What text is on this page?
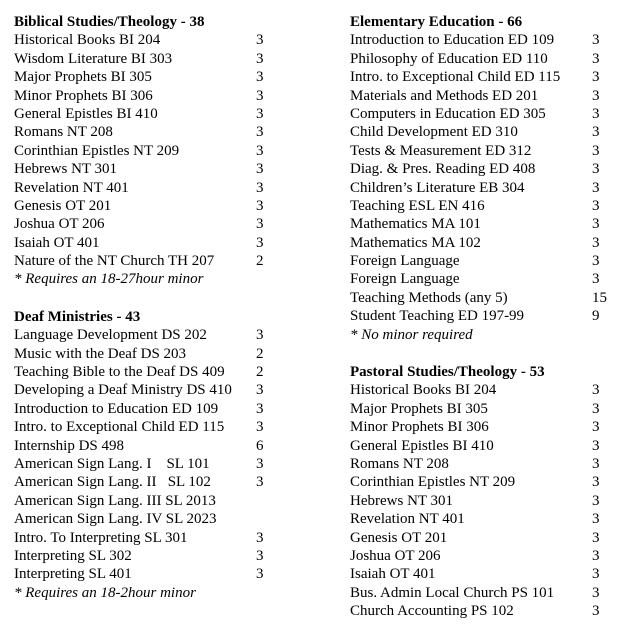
Biblical Studies/Theology - 38
Historical Books BI 204	3
Wisdom Literature BI 303	3
Major Prophets BI 305	3
Minor Prophets BI 306	3
General Epistles BI 410	3
Romans NT 208	3
Corinthian Epistles NT 209	3
Hebrews NT 301	3
Revelation NT 401	3
Genesis OT 201	3
Joshua OT 206	3
Isaiah OT 401	3
Nature of the NT Church TH 207	2
* Requires an 18-27hour minor
Deaf Ministries - 43
Language Development DS 202	3
Music with the Deaf DS 203	2
Teaching Bible to the Deaf DS 409 2
Developing a Deaf Ministry DS 410 3
Introduction to Education ED 109	3
Intro. to Exceptional Child ED 115 3
Internship DS 498	6
American Sign Lang. I    SL 101	3
American Sign Lang. II   SL 102	3
American Sign Lang. III SL 2013
American Sign Lang. IV SL 2023
Intro. To Interpreting SL 301	3
Interpreting SL 302	3
Interpreting SL 401	3
* Requires an 18-2hour minor
Elementary Education - 66
Introduction to Education ED 109	3
Philosophy of Education ED 110	3
Intro. to Exceptional Child ED 115 3
Materials and Methods ED 201	3
Computers in Education ED 305	3
Child Development ED 310	3
Tests & Measurement ED 312	3
Diag. & Pres. Reading ED 408	3
Children’s Literature EB 304	3
Teaching ESL EN 416	3
Mathematics MA 101	3
Mathematics MA 102	3
Foreign Language	3
Foreign Language	3
Teaching Methods (any 5)	15
Student Teaching ED 197-99	9
* No minor required
Pastoral Studies/Theology - 53
Historical Books BI 204	3
Major Prophets BI 305	3
Minor Prophets BI 306	3
General Epistles BI 410	3
Romans NT 208	3
Corinthian Epistles NT 209	3
Hebrews NT 301	3
Revelation NT 401	3
Genesis OT 201	3
Joshua OT 206	3
Isaiah OT 401	3
Bus. Admin Local Church PS 101	3
Church Accounting PS 102	3
